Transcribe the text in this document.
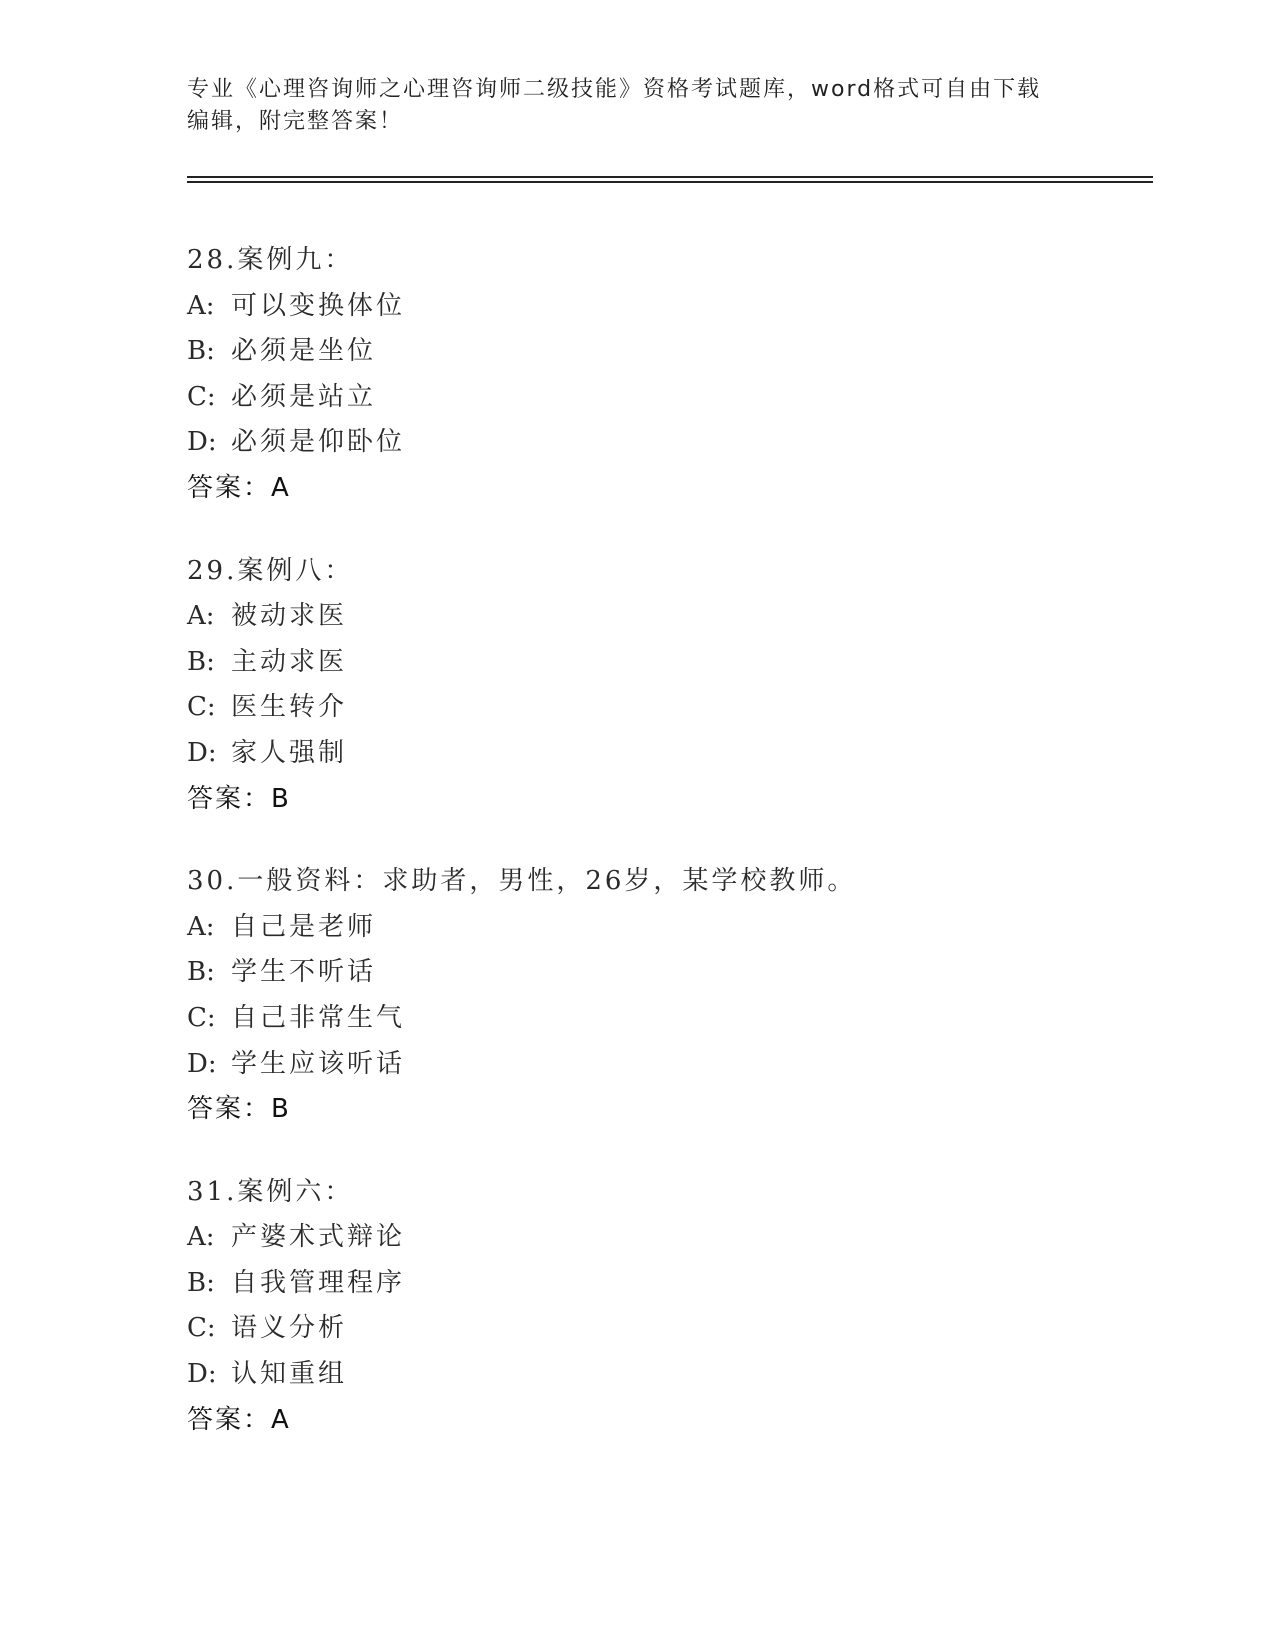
专业《心理咨询师之心理咨询师二级技能》资格考试题库，word格式可自由下载
编辑，附完整答案！
28.案例九：
A: 可以变换体位
B: 必须是坐位
C: 必须是站立
D: 必须是仰卧位
答案：A
29.案例八：
A: 被动求医
B: 主动求医
C: 医生转介
D: 家人强制
答案：B
30.一般资料：求助者，男性，26岁，某学校教师。
A: 自己是老师
B: 学生不听话
C: 自己非常生气
D: 学生应该听话
答案：B
31.案例六：
A: 产婆术式辩论
B: 自我管理程序
C: 语义分析
D: 认知重组
答案：A
